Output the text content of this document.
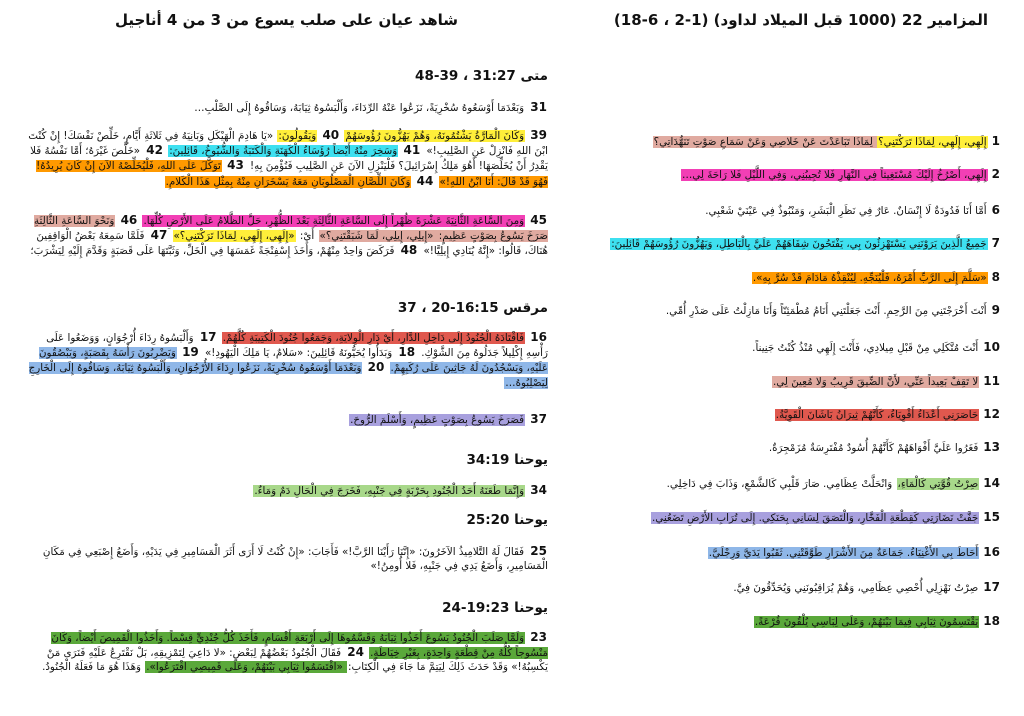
شاهد عيان على صلب يسوع من 3 من 4 أناجيل
متى 31:27 ، 39-48
31 وَبَعْدَمَا أَوْسَعُوهُ سُخْرِيَةً، نَزَعُوا عَنْهُ الرِّدَاءَ، وَأَلْبَسُوهُ ثِيَابَهُ، وَسَاقُوهُ إِلَى الصَّلْبِ…
39 وَكَانَ الْمَارَّةُ يَشْتُمُونَهُ، وَهُمْ يَهُزُّونَ رُؤُوسَهُمْ 40 وَيَقُولُونَ: «يَا هَادِمَ الْهَيْكَلِ وَبَانِيَهُ فِي ثَلاثَةِ أَيَّامٍ، خَلِّصْ نَفْسَكَ! إِنْ كُنْتَ ابْنَ اللهِ فَانْزِلْ عَنِ الصَّلِيبِ!» 41 وَسَخِرَ مِنْهُ أَيْضاً رُؤَسَاءُ الْكَهَنَةِ وَالْكَتَبَةُ وَالشُّيُوخُ، قَائِلِينَ: 42 «خَلَّصَ غَيْرَهُ؛ أَمَّا نَفْسُهُ فَلا يَقْدِرُ أَنْ يُخَلِّصَهَا! أَهُوَ مَلِكُ إِسْرَائِيلَ؟ فَلْيَنْزِلِ الآنَ عَنِ الصَّلِيبِ فَنُؤْمِنَ بِهِ! 43 تَوَكَّلَ عَلَى اللهِ، فَلْيُخَلِّصْهُ الآنَ إِنْ كَانَ يُرِيدُهُ! فَهُوَ قَدْ قَالَ: أَنَا ابْنُ اللهِ!» 44 وَكَانَ اللِّصَّانِ الْمَصْلُوبَانِ مَعَهُ يَسْخَرَانِ مِنْهُ بِمِثْلِ هَذَا الْكَلامِ.
45 وَمِنَ السَّاعَةِ الثَّانِيَةَ عَشْرَةَ ظُهْراً إِلَى السَّاعَةِ الثَّالِثَةِ بَعْدَ الظُّهْرِ، حَلَّ الظَّلامُ عَلَى الأَرْضِ كُلِّهَا. 46 وَنَحْوَ السَّاعَةِ الثَّالِثَةِ صَرَخَ يَسُوعُ بِصَوْتٍ عَظِيمٍ: «إِيلِي، إِيلِي، لَمَا شَبَقْتَنِي؟» أَيْ: «إِلَهِي، إِلَهِي، لِمَاذَا تَرَكْتَنِي؟» 47 فَلَمَّا سَمِعَهُ بَعْضُ الْوَاقِفِينَ هُنَاكَ، قَالُوا: «إِنَّهُ يُنَادِي إِيلِيَّا!» 48 فَرَكَضَ وَاحِدٌ مِنْهُمْ، وَأَخَذَ إِسْفِنْجَةً غَمَسَهَا فِي الْخَلِّ، وَثَبَّتَهَا عَلَى قَصَبَةٍ وَقَدَّمَ إِلَيْهِ لِيَشْرَبَ؛
مرقس 16:15-20 ، 37
16 فَاقْتَادَهُ الْجُنُودُ إِلَى دَاخِلِ الدَّارِ، أَيْ دَارِ الْوِلايَةِ، وَجَمَعُوا جُنُودَ الْكَتِيبَةِ كُلَّهُمْ. 17 وَأَلْبَسُوهُ رِدَاءَ أُرْجُوَانٍ، وَوَضَعُوا عَلَى رَأْسِهِ إِكْلِيلاً جَدَلُوهُ مِنَ الشَّوْكِ. 18 وَبَدَأُوا يُحَيُّونَهُ قَائِلِينَ: «سَلامٌ، يَا مَلِكَ الْيَهُودِ!» 19 وَيَضْرِبُونَ رَأْسَهُ بِقَصَبَةٍ، وَيَبْصُقُونَ عَلَيْهِ، وَيَسْجُدُونَ لَهُ جَاثِينَ عَلَى رُكَبِهِمْ. 20 وَبَعْدَمَا أَوْسَعُوهُ سُخْرِيَةً، نَزَعُوا رِدَاءَ الأُرْجُوَانِ، وَأَلْبَسُوهُ ثِيَابَهُ، وَسَاقُوهُ إِلَى الْخَارِجِ لِيَصْلِبُوهُ…
37 فَصَرَخَ يَسُوعُ بِصَوْتٍ عَظِيمٍ، وَأَسْلَمَ الرُّوحَ.
يوحنا 34:19
34 وَإِنَّمَا طَعَنَهُ أَحَدُ الْجُنُودِ بِحَرْبَةٍ فِي جَنْبِهِ، فَخَرَجَ فِي الْحَالِ دَمٌ وَمَاءٌ.
يوحنا 25:20
25 فَقَالَ لَهُ التَّلامِيذُ الآخَرُونَ: «إِنَّنَا رَأَيْنَا الرَّبَّ!» فَأَجَابَ: «إِنْ كُنْتُ لَا أَرَى أَثَرَ الْمَسَامِيرِ فِي يَدَيْهِ، وَأَضَعُ إِصْبَعِي فِي مَكَانِ الْمَسَامِيرِ، وَأَضَعُ يَدِي فِي جَنْبِهِ، فَلا أُومِنُ!»
يوحنا 19:23-24
23 وَلَمَّا صَلَبَ الْجُنُودُ يَسُوعَ أَخَذُوا ثِيَابَهُ وَقَسَّمُوهَا إِلَى أَرْبَعَةِ أَقْسَامٍ، فَأَخَذَ كُلُّ جُنْدِيٍّ قِسْماً. وَأَخَذُوا الْقَمِيصَ أَيْضاً، وَكَانَ مَنْسُوجاً كُلُّهُ مِنْ قِطْعَةٍ وَاحِدَةٍ، بِغَيْرِ خِيَاطَةٍ. 24 فَقَالَ الْجُنُودُ بَعْضُهُمْ لِبَعْضٍ: «لا دَاعِيَ لِتَمْزِيقِهِ، بَلْ نَقْتَرِعُ عَلَيْهِ فَنَرَى مَنْ يَكْسِبُهُ!» وَقَدْ حَدَثَ ذَلِكَ لِيَتِمَّ مَا جَاءَ فِي الْكِتَابِ: «اقْتَسَمُوا ثِيَابِي بَيْنَهُمْ، وَعَلَى قَمِيصِي اقْتَرَعُوا». وَهَذَا هُوَ مَا فَعَلَهُ الْجُنُودُ.
المزامير 22 (1000 قبل الميلاد لداود) (1-2 ، 6-18)
1إِلَهِي، إِلَهِي، لِمَاذَا تَرَكْتَنِي؟ لِمَاذَا تَبَاعَدْتَ عَنْ خَلاصِي وَعَنْ سَمَاعِ صَوْتِ تَنَهُّدَاتِي؟
2إِلَهِي، أَصْرُخُ إِلَيْكَ مُسْتَغِيثاً فِي النَّهَارِ فَلا تُجِيبُنِي، وَفِي اللَّيْلِ فَلا رَاحَةَ لِي…
6أَمَّا أَنَا فَدُودَةٌ لَا إِنْسَانٌ. عَارٌ فِي نَظَرِ الْبَشَرِ، وَمَنْبُوذٌ فِي عَيْنَيْ شَعْبِي.
7جَمِيعُ الَّذِينَ يَرَوْنَنِي يَسْتَهْزِئُونَ بِي، يَفْتَحُونَ شِفَاهَهُمْ عَلَيَّ بِالْبَاطِلِ، وَيَهُزُّونَ رُؤُوسَهُمْ قَائِلِينَ:
8«سَلَّمَ إِلَى الرَّبِّ أَمْرَهُ، فَلْيُنَجِّهِ. لِيُنْقِذْهُ مَادَامَ قَدْ سُرَّ بِهِ».
9أَنْتَ أَخْرَجْتَنِي مِنَ الرَّحِمِ. أَنْتَ جَعَلْتَنِي أَنَامُ مُطْمَئِنّاً وَأَنَا مَازِلْتُ عَلَى صَدْرِ أُمِّي.
10أَنْتَ مُتَّكَلِي مِنْ قَبْلِ مِيلادِي، فَأَنْتَ إِلَهِي مُنْذُ كُنْتُ جَنِيناً.
11لا تَقِفْ بَعِيداً عَنِّي، لأَنَّ الضِّيقَ قَرِيبٌ وَلا مُعِينَ لِي.
12حَاصَرَنِي أَعْدَاءُ أَقْوِيَاءُ، كَأَنَّهُمْ ثِيرَانُ بَاشَانَ الْقَوِيَّةُ.
13فَغَرُوا عَلَيَّ أَفْوَاهَهُمْ كَأَنَّهُمْ أُسُودٌ مُفْتَرِسَةٌ مُزَمْجِرَةٌ.
14صِرْتُ قُوَّتِي كَالْمَاءِ، وَانْحَلَّتْ عِظَامِي. صَارَ قَلْبِي كَالشَّمْعِ، وَذَابَ فِي دَاخِلِي.
15جَفَّتْ نَضَارَتِي كَقِطْعَةِ الْفَخَّارِ، وَالْتَصَقَ لِسَانِي بِحَنَكِي. إِلَى تُرَابِ الأَرْضِ تَضَعُنِي.
16أَحَاطَ بِي الأَغْنِيَاءُ. جَمَاعَةٌ مِنَ الأَشْرَارِ طَوَّقَتْنِي. ثَقَبُوا يَدَيَّ وَرِجْلَيَّ.
17صِرْتُ نَهْزِلِي أُحْصِي عِظَامِي، وَهُمْ يُرَاقِبُونَنِي وَيُحَدِّقُونَ فِيَّ.
18يَقْتَسِمُونَ ثِيَابِي فِيمَا بَيْنَهُمْ، وَعَلَى لِبَاسِي يُلْقُونَ قُرْعَةً.
